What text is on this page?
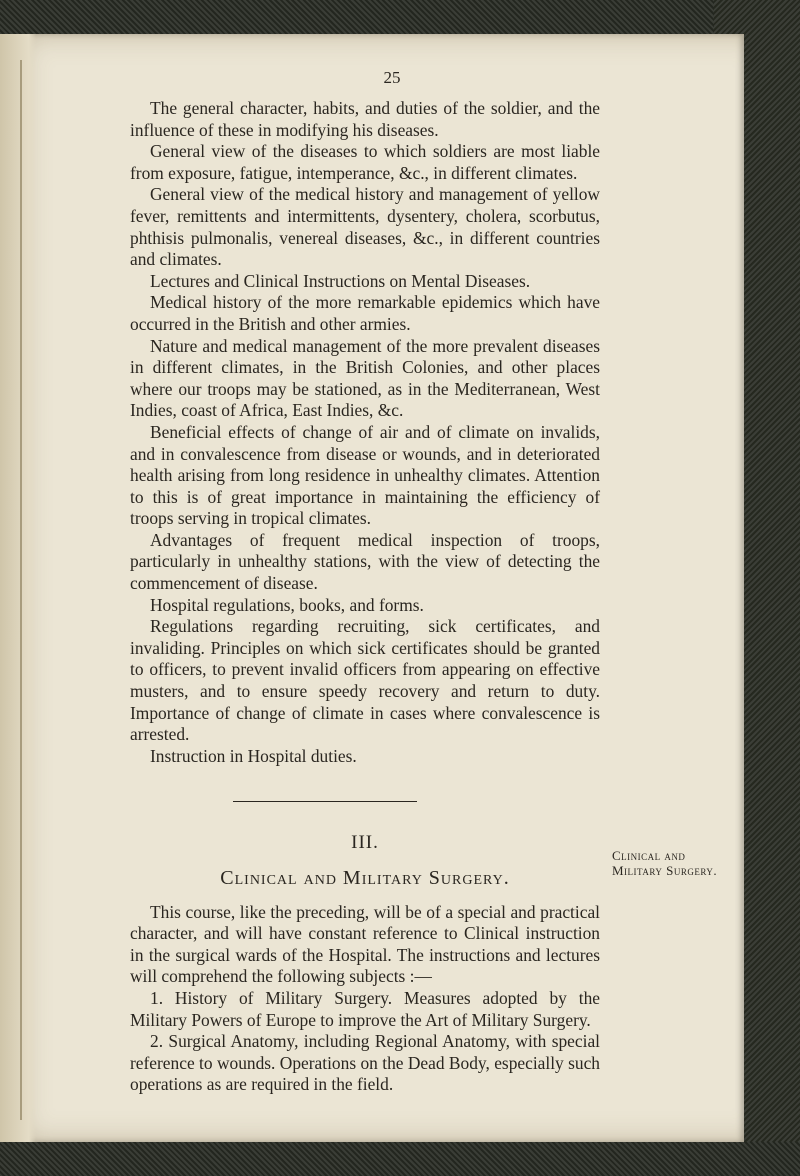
25

The general character, habits, and duties of the soldier, and the influence of these in modifying his diseases.

General view of the diseases to which soldiers are most liable from exposure, fatigue, intemperance, &c., in different climates.

General view of the medical history and management of yellow fever, remittents and intermittents, dysentery, cholera, scorbutus, phthisis pulmonalis, venereal diseases, &c., in different countries and climates.

Lectures and Clinical Instructions on Mental Diseases.

Medical history of the more remarkable epidemics which have occurred in the British and other armies.

Nature and medical management of the more prevalent diseases in different climates, in the British Colonies, and other places where our troops may be stationed, as in the Mediterranean, West Indies, coast of Africa, East Indies, &c.

Beneficial effects of change of air and of climate on invalids, and in convalescence from disease or wounds, and in deteriorated health arising from long residence in unhealthy climates. Attention to this is of great importance in maintaining the efficiency of troops serving in tropical climates.

Advantages of frequent medical inspection of troops, particularly in unhealthy stations, with the view of detecting the commencement of disease.

Hospital regulations, books, and forms.

Regulations regarding recruiting, sick certificates, and invaliding. Principles on which sick certificates should be granted to officers, to prevent invalid officers from appearing on effective musters, and to ensure speedy recovery and return to duty. Importance of change of climate in cases where convalescence is arrested.

Instruction in Hospital duties.

III.
Clinical and Military Surgery.

This course, like the preceding, will be of a special and practical character, and will have constant reference to Clinical instruction in the surgical wards of the Hospital. The instructions and lectures will comprehend the following subjects :—

1. History of Military Surgery. Measures adopted by the Military Powers of Europe to improve the Art of Military Surgery.

2. Surgical Anatomy, including Regional Anatomy, with special reference to wounds. Operations on the Dead Body, especially such operations as are required in the field.

Clinical and Military Surgery.
